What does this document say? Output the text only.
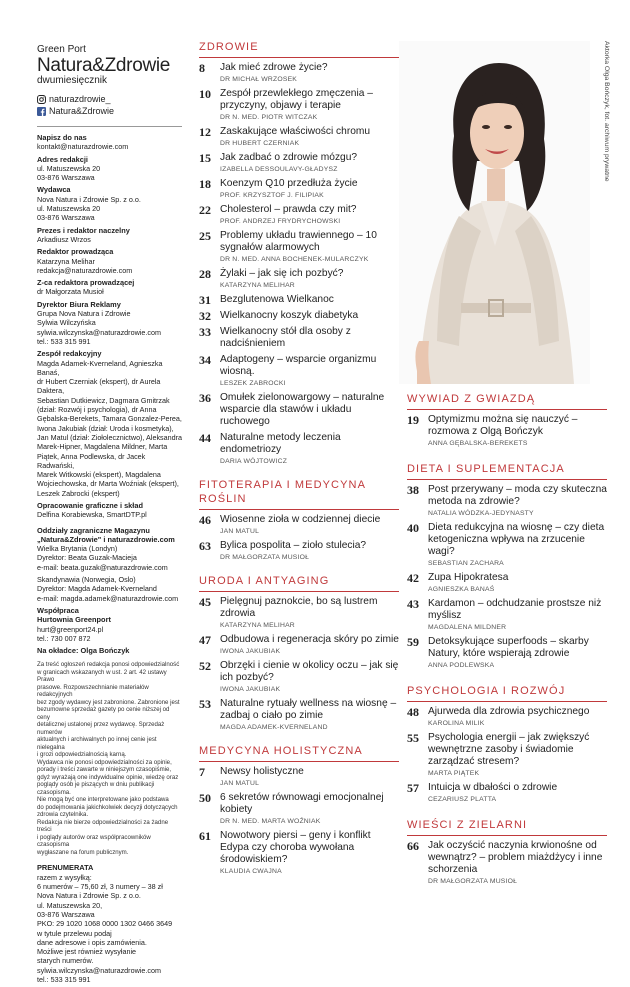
Green Port
Natura&Zdrowie
dwumiesięcznik
naturazdrowie_
Natura&Zdrowie
Napisz do nas
kontakt@naturazdrowie.com
Adres redakcji
ul. Matuszewska 20
03-876 Warszawa
Wydawca
Nova Natura i Zdrowie Sp. z o.o.
ul. Matuszewska 20
03-876 Warszawa
Prezes i redaktor naczelny
Arkadiusz Wrzos
Redaktor prowadząca
Katarzyna Melihar
redakcja@naturazdrowie.com
Z-ca redaktora prowadzącej
dr Małgorzata Musioł
Dyrektor Biura Reklamy
Grupa Nova Natura i Zdrowie
Sylwia Wilczyńska
sylwia.wilczynska@naturazdrowie.com
tel.: 533 315 991
Zespół redakcyjny
Magda Adamek-Kverneland, Agnieszka Banaś,
dr Hubert Czerniak (ekspert), dr Aurela Daktera,
Sebastian Dutkiewicz, Dagmara Gmitrzak
(dział: Rozwój i psychologia), dr Anna
Gębalska-Berekets, Tamara Gonzalez-Perea,
Iwona Jakubiak (dział: Uroda i kosmetyka),
Jan Matul (dział: Ziołolecznictwo), Aleksandra
Marek-Hipner, Magdalena Mildner, Marta
Piątek, Anna Podlewska, dr Jacek Radwański,
Marek Witkowski (ekspert), Magdalena
Wojciechowska, dr Marta Woźniak (ekspert),
Leszek Zabrocki (ekspert)
Opracowanie graficzne i skład
Delfina Korabiewska, SmartDTP.pl
Oddziały zagraniczne Magazynu
„Natura&Zdrowie" i naturazdrowie.com
Wielka Brytania (Londyn)
Dyrektor: Beata Guzak-Macieja
e-mail: beata.guzak@naturazdrowie.com
Skandynawia (Norwegia, Oslo)
Dyrektor: Magda Adamek-Kverneland
e-mail: magda.adamek@naturazdrowie.com
Współpraca
Hurtownia Greenport
hurt@greenport24.pl
tel.: 730 007 872
Na okładce: Olga Bończyk
Za treść ogłoszeń redakcja ponosi odpowiedzialność
w granicach wskazanych w ust. 2 art. 42 ustawy Prawo
prasowe. Rozpowszechnianie materiałów redakcyjnych
bez zgody wydawcy jest zabronione. Zabronione jest
bezumowne sprzedaż gazety po cenie niższej od ceny
detalicznej ustalonej przez wydawcę. Sprzedaż numerów
aktualnych i archiwalnych po innej cenie jest nielegalna
i grozi odpowiedzialnością karną.
Wydawca nie ponosi odpowiedzialności za opinie,
porady i treści zawarte w niniejszym czasopiśmie,
gdyż wyrażają one indywidualne opinie, wiedzę oraz
poglądy osób je piszących w dniu publikacji czasopisma.
Nie mogą być one interpretowane jako podstawa
do podejmowania jakichkolwiek decyzji dotyczących
zdrowia czytelnika.
Redakcja nie bierze odpowiedzialności za żadne treści
i poglądy autorów oraz współpracowników czasopisma
wygłaszane na forum publicznym.
PRENUMERATA
razem z wysyłką:
6 numerów – 75,60 zł, 3 numery – 38 zł
Nova Natura i Zdrowie Sp. z o.o.
ul. Matuszewska 20,
03-876 Warszawa
PKO: 29 1020 1068 0000 1302 0466 3649
w tytule przelewu podaj
dane adresowe i opis zamówienia.
Możliwe jest również wysyłanie
starych numerów.
sylwia.wilczynska@naturazdrowie.com
tel.: 533 315 991
ZDROWIE
8	Jak mieć zdrowe życie?
DR MICHAŁ WRZOSEK
10 Zespół przewlekłego zmęczenia – przyczyny, objawy i terapie
DR N. MED. PIOTR WITCZAK
12 Zaskakujące właściwości chromu
DR HUBERT CZERNIAK
15 Jak zadbać o zdrowie mózgu?
IZABELLA DESSOULAVY-GŁADYSZ
18 Koenzym Q10 przedłuża życie
PROF. KRZYSZTOF J. FILIPIAK
22 Cholesterol – prawda czy mit?
PROF. ANDRZEJ FRYDRYCHOWSKI
25 Problemy układu trawiennego – 10 sygnałów alarmowych
DR N. MED. ANNA BOCHENEK-MULARCZYK
28 Żylaki – jak się ich pozbyć?
KATARZYNA MELIHAR
31 Bezglutenowa Wielkanoc
32 Wielkanocny koszyk diabetyka
33 Wielkanocny stół dla osoby z nadciśnieniem
34 Adaptogeny – wsparcie organizmu wiosną.
LESZEK ZABROCKI
36 Omułek zielonowargowy – naturalne wsparcie dla stawów i układu ruchowego
44 Naturalne metody leczenia endometriozy
DARIA WÓJTOWICZ
FITOTERAPIA I MEDYCYNA ROŚLIN
46 Wiosenne zioła w codziennej diecie
JAN MATUL
63 Bylica pospolita – zioło stulecia?
DR MAŁGORZATA MUSIOŁ
URODA I ANTYAGING
45 Pielęgnuj paznokcie, bo są lustrem zdrowia
KATARZYNA MELIHAR
47 Odbudowa i regeneracja skóry po zimie
IWONA JAKUBIAK
52 Obrzęki i cienie w okolicy oczu – jak się ich pozbyć?
IWONA JAKUBIAK
53 Naturalne rytuały wellness na wiosnę – zadbaj o ciało po zimie
MAGDA ADAMEK-KVERNELAND
MEDYCYNA HOLISTYCZNA
7	Newsy holistyczne
JAN MATUL
50 6 sekretów równowagi emocjonalnej kobiety
DR N. MED. MARTA WOŹNIAK
61 Nowotwory piersi – geny i konflikt Edypa czy choroba wywołana środowiskiem?
KLAUDIA CWAJNA
Aktorka Olga Bończyk, fot. archiwum prywatne
WYWIAD Z GWIAZDĄ
19 Optymizmu można się nauczyć – rozmowa z Olgą Bończyk
ANNA GĘBALSKA-BEREKETS
DIETA I SUPLEMENTACJA
38 Post przerywany – moda czy skuteczna metoda na zdrowie?
NATALIA WÓDZKA-JEDYNASTY
40 Dieta redukcyjna na wiosnę – czy dieta ketogeniczna wpływa na zrzucenie wagi?
SEBASTIAN ZACHARA
42 Zupa Hipokratesa
AGNIESZKA BANAŚ
43 Kardamon – odchudzanie prostsze niż myślisz
MAGDALENA MILDNER
59 Detoksykujące superfoods – skarby Natury, które wspierają zdrowie
ANNA PODLEWSKA
PSYCHOLOGIA I ROZWÓJ
48 Ajurweda dla zdrowia psychicznego
KAROLINA MILIK
55 Psychologia energii – jak zwiększyć wewnętrzne zasoby i świadomie zarządzać stresem?
MARTA PIĄTEK
57 Intuicja w dbałości o zdrowie
CEZARIUSZ PLATTA
WIEŚCI Z ZIELARNI
66 Jak oczyścić naczynia krwionośne od wewnątrz? – problem miażdżycy i inne schorzenia
DR MAŁGORZATA MUSIOŁ
